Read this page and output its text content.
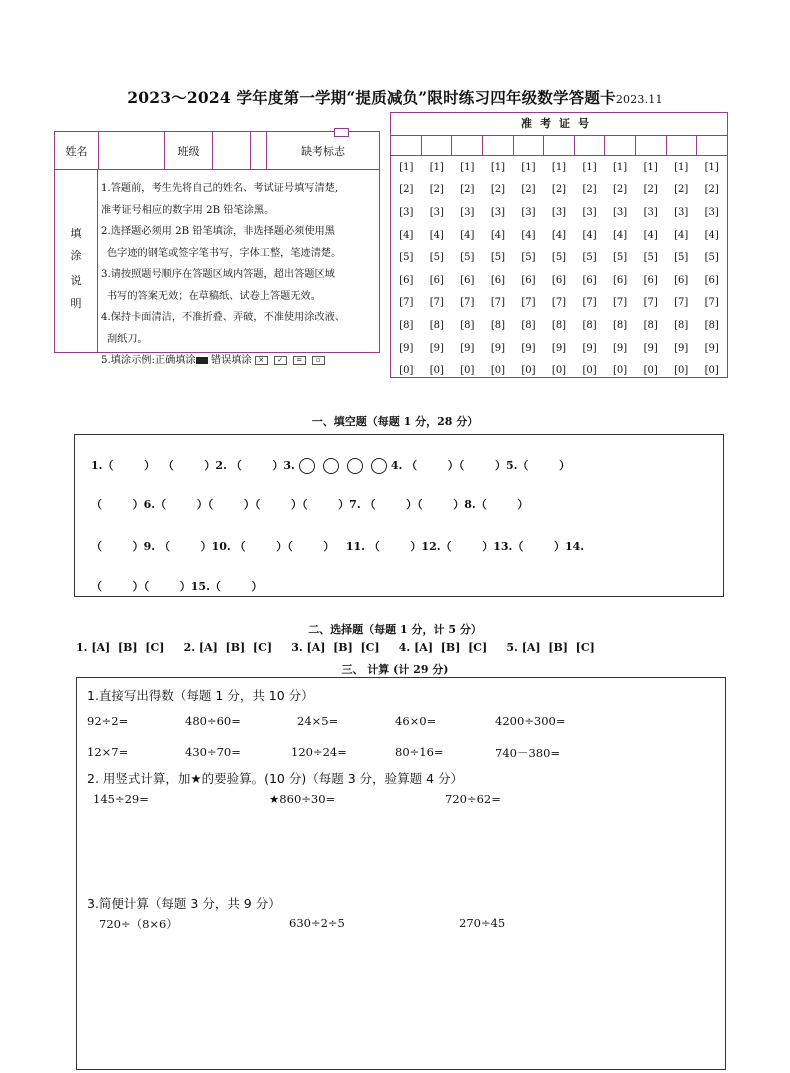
2023～2024 学年度第一学期“提质减负”限时练习四年级数学答题卡2023.11
姓名	班级	缺考标志
填
涂
说
明
1.答题前，考生先将自己的姓名、考试证号填写清楚,
准考证号相应的数字用 2B 铅笔涂黑。
2.选择题必须用 2B 铅笔填涂，非选择题必须使用黑
色字迹的钢笔或签字笔书写，字体工整，笔迹清楚。
3.请按照题号顺序在答题区域内答题，超出答题区域
书写的答案无效；在草稿纸、试卷上答题无效。
4.保持卡面清洁，不准折叠、弄破，不准使用涂改液、
刮纸刀。
5.填涂示例:正确填涂 错误填涂 × ✓ = ▫
准考证号
[1]	[1]	[1]	[1]	[1]	[1]	[1]	[1]	[1]	[1]	[1]
[2]	[2]	[2]	[2]	[2]	[2]	[2]	[2]	[2]	[2]	[2]
[3]	[3]	[3]	[3]	[3]	[3]	[3]	[3]	[3]	[3]	[3]
[4]	[4]	[4]	[4]	[4]	[4]	[4]	[4]	[4]	[4]	[4]
[5]	[5]	[5]	[5]	[5]	[5]	[5]	[5]	[5]	[5]	[5]
[6]	[6]	[6]	[6]	[6]	[6]	[6]	[6]	[6]	[6]	[6]
[7]	[7]	[7]	[7]	[7]	[7]	[7]	[7]	[7]	[7]	[7]
[8]	[8]	[8]	[8]	[8]	[8]	[8]	[8]	[8]	[8]	[8]
[9]	[9]	[9]	[9]	[9]	[9]	[9]	[9]	[9]	[9]	[9]
[0]	[0]	[0]	[0]	[0]	[0]	[0]	[0]	[0]	[0]	[0]
一、填空题（每题 1 分，28 分）
1.（        ）  （        ）2. （        ）3.	4. （        ）（        ）5.（        ）
（        ）6.（        ）（        ）（        ）（        ）7. （        ）（        ）8.（        ）
（        ）9. （        ）10. （        ）（        ）   11. （        ）12.（        ）13.（        ）14.
（        ）（        ）15.（        ）
二、选择题（每题 1 分，计 5 分）
1. [A]  [B]  [C]     2. [A]  [B]  [C]     3. [A]  [B]  [C]     4. [A]  [B]  [C]     5. [A]  [B]  [C]
三、 计算 (计 29 分)
1.直接写出得数（每题 1 分，共 10 分）
92÷2=	480÷60=	24×5=	46×0=	4200÷300=
12×7=	430÷70=	120÷24=	80÷16=	740－380=
2. 用竖式计算，加★的要验算。(10 分)（每题 3 分，验算题 4 分）
145÷29=	★860÷30=	720÷62=
3.简便计算（每题 3 分，共 9 分）
720÷（8×6）	630÷2÷5	270÷45
